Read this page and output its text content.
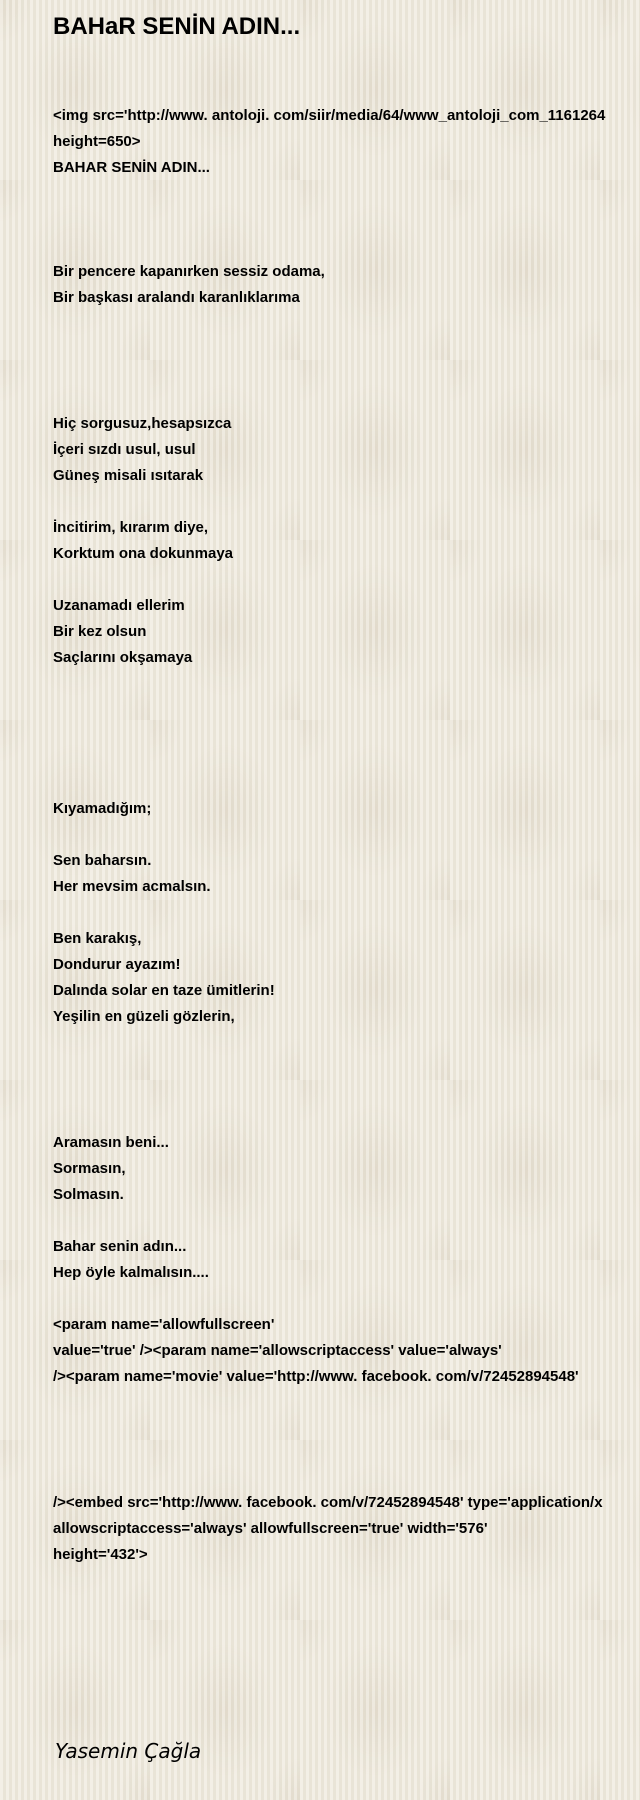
BAHaR SENİN ADIN...
<img src='http://www. antoloji. com/siir/media/64/www_antoloji_com_1161264
height=650>
BAHAR SENİN ADIN...
Bir pencere kapanırken sessiz odama,
Bir başkası aralandı karanlıklarıma
Hiç sorgusuz,hesapsızca
İçeri sızdı usul, usul
Güneş misali ısıtarak
İncitirim, kırarım diye,
Korktum ona dokunmaya
Uzanamadı ellerim
Bir kez olsun
Saçlarını okşamaya
Kıyamadığım;
Sen baharsın.
Her mevsim acmalsın.
Ben karakış,
Dondurur ayazım!
Dalında solar en taze ümitlerin!
Yeşilin en güzeli gözlerin,
Aramasın beni...
Sormasın,
Solmasın.
Bahar senin adın...
Hep öyle kalmalısın....
<param name='allowfullscreen'
value='true' /><param name='allowscriptaccess' value='always'
/><param name='movie' value='http://www. facebook. com/v/72452894548'
/><embed src='http://www. facebook. com/v/72452894548' type='application/x
allowscriptaccess='always' allowfullscreen='true' width='576'
height='432'>
Yasemin Çağla
